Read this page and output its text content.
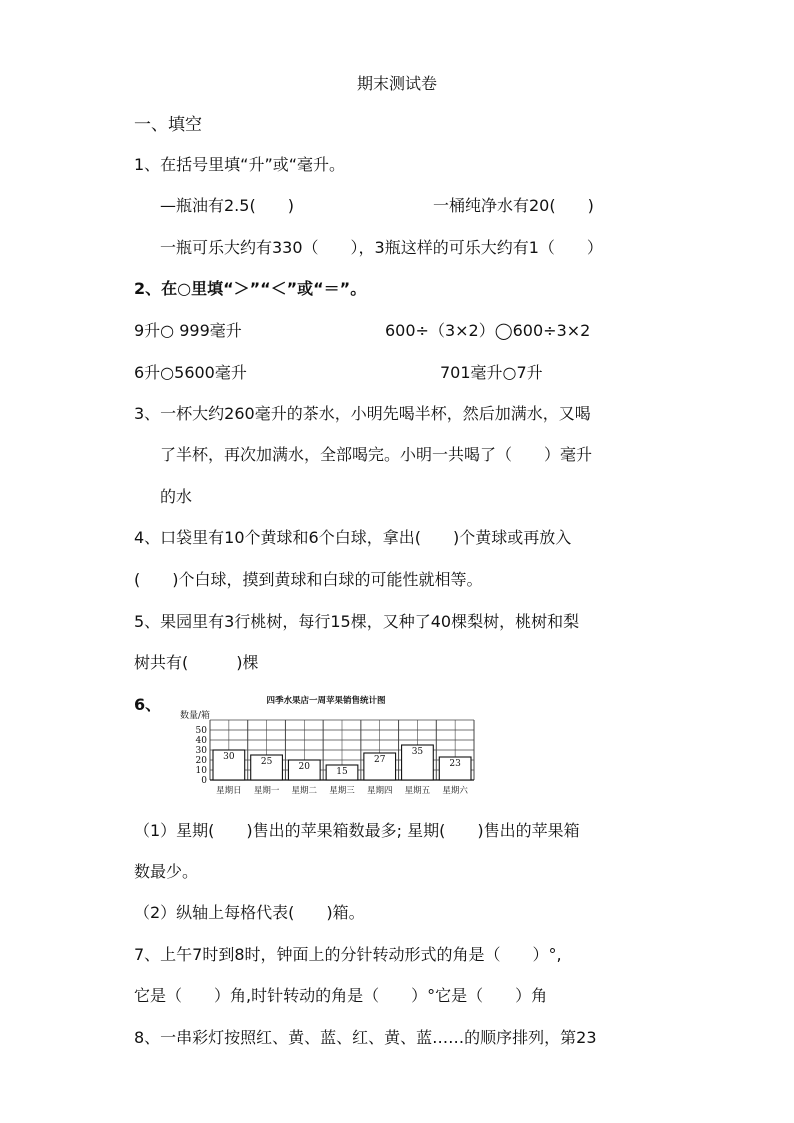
期末测试卷
一、填空
1、在括号里填“升”或“毫升。
—瓶油有2.5(　　)	一桶纯净水有20(　　)
一瓶可乐大约有330（　　），3瓶这样的可乐大约有1（　　）
2、在○里填“＞”“＜”或“＝”。
9升○ 999毫升	600÷（3×2）◯600÷3×2
6升○5600毫升	701毫升○7升
3、一杯大约260毫升的茶水，小明先喝半杯，然后加满水，又喝
了半杯，再次加满水，全部喝完。小明一共喝了（　　）毫升
的水
4、口袋里有10个黄球和6个白球，拿出(　　)个黄球或再放入
(　　)个白球，摸到黄球和白球的可能性就相等。
5、果园里有3行桃树，每行15棵，又种了40棵梨树，桃树和梨
树共有(　　　)棵
6、	四季水果店一周苹果销售统计图
数量/箱
0
10
20
30
40
50
30
星期日
25
星期一
20
星期二
15
星期三
27
星期四
35
星期五
23
星期六
（1）星期(　　)售出的苹果箱数最多; 星期(　　)售出的苹果箱
数最少。
（2）纵轴上每格代表(　　)箱。
7、上午7时到8时，钟面上的分针转动形式的角是（　　）°,
它是（　　）角,时针转动的角是（　　）°它是（　　）角
8、一串彩灯按照红、黄、蓝、红、黄、蓝……的顺序排列，第23
